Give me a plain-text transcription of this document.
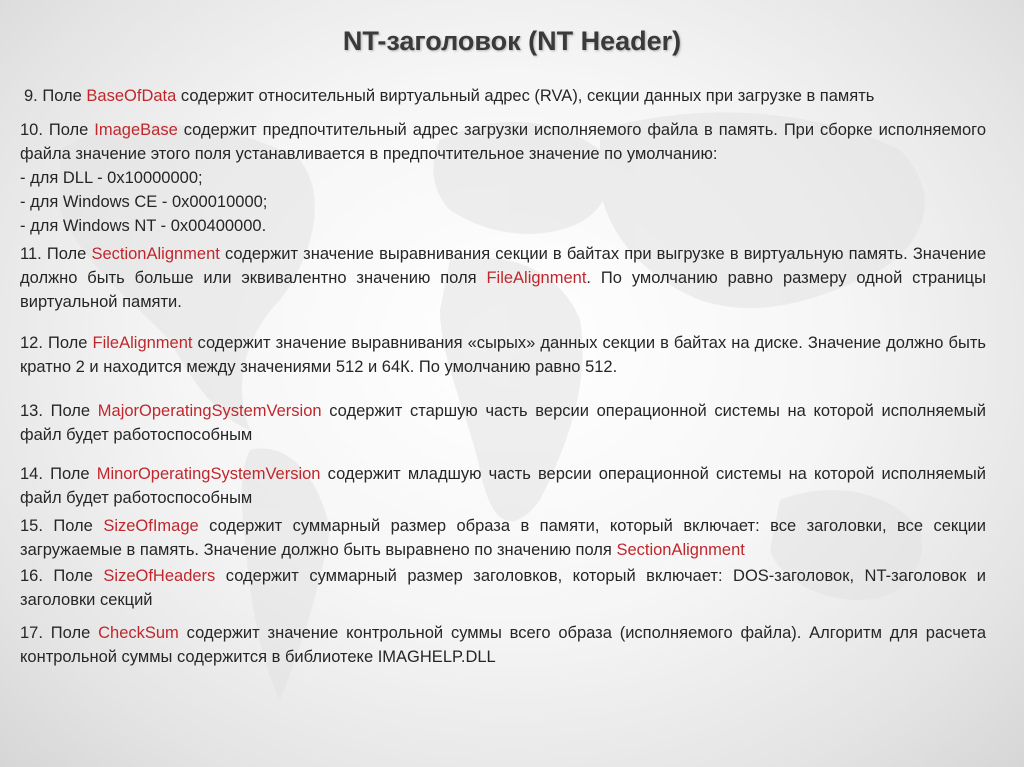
NT-заголовок (NT Header)

9. Поле BaseOfData содержит относительный виртуальный адрес (RVA), секции данных при загрузке в память

10. Поле ImageBase содержит предпочтительный адрес загрузки исполняемого файла в память. При сборке исполняемого файла значение этого поля устанавливается в предпочтительное значение по умолчанию:
- для DLL - 0x10000000;
- для Windows CE - 0x00010000;
- для Windows NT - 0x00400000.

11. Поле SectionAlignment содержит значение выравнивания секции в байтах при выгрузке в виртуальную память. Значение должно быть больше или эквивалентно значению поля FileAlignment. По умолчанию равно размеру одной страницы виртуальной памяти.

12. Поле FileAlignment содержит значение выравнивания «сырых» данных секции в байтах на диске. Значение должно быть кратно 2 и находится между значениями 512 и 64К. По умолчанию равно 512.

13. Поле MajorOperatingSystemVersion содержит старшую часть версии операционной системы на которой исполняемый файл будет работоспособным

14. Поле MinorOperatingSystemVersion содержит младшую часть версии операционной системы на которой исполняемый файл будет работоспособным

15. Поле SizeOfImage содержит суммарный размер образа в памяти, который включает: все заголовки, все секции загружаемые в память. Значение должно быть выравнено по значению поля SectionAlignment

16. Поле SizeOfHeaders содержит суммарный размер заголовков, который включает: DOS-заголовок, NT-заголовок и заголовки секций

17. Поле CheckSum содержит значение контрольной суммы всего образа (исполняемого файла). Алгоритм для расчета контрольной суммы содержится в библиотеке IMAGHELP.DLL
